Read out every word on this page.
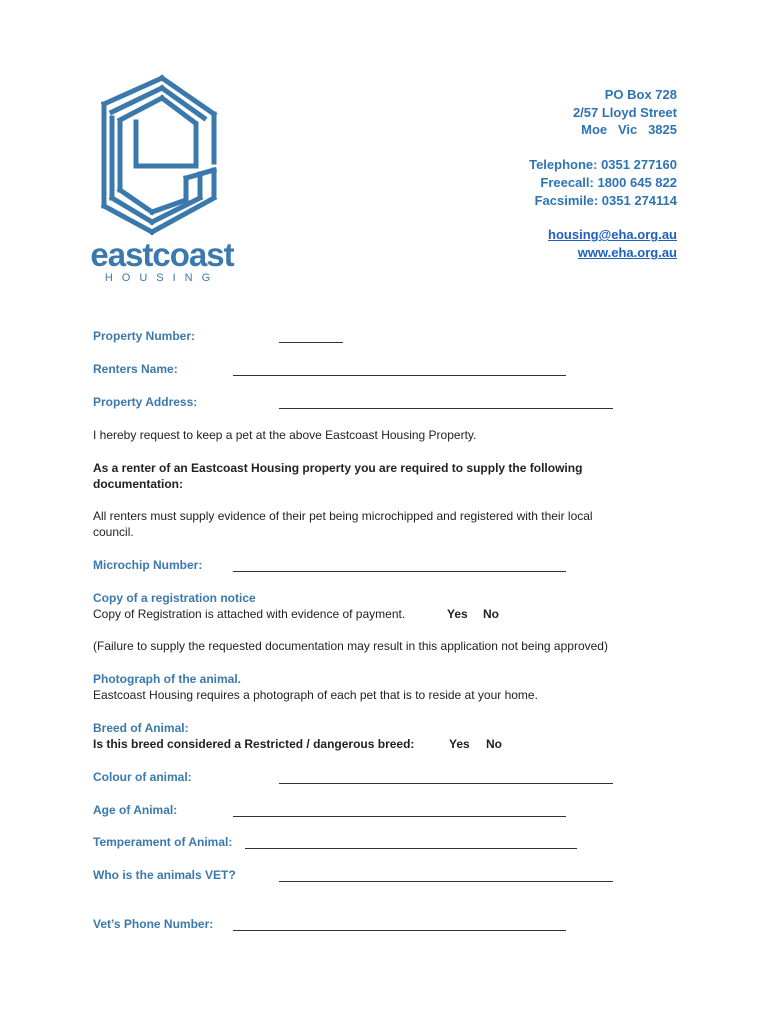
eastcoast
HOUSING
PO Box 728
2/57 Lloyd Street
Moe   Vic   3825
Telephone: 0351 277160
Freecall: 1800 645 822
Facsimile: 0351 274114
housing@eha.org.au
www.eha.org.au
Property Number:
Renters Name:
Property Address:
I hereby request to keep a pet at the above Eastcoast Housing Property.
As a renter of an Eastcoast Housing property you are required to supply the following
documentation:
All renters must supply evidence of their pet being microchipped and registered with their local
council.
Microchip Number:
Copy of a registration notice
Copy of Registration is attached with evidence of payment.	Yes No
(Failure to supply the requested documentation may result in this application not being approved)
Photograph of the animal.
Eastcoast Housing requires a photograph of each pet that is to reside at your home.
Breed of Animal:
Is this breed considered a Restricted / dangerous breed:	Yes No
Colour of animal:
Age of Animal:
Temperament of Animal:
Who is the animals VET?
Vet’s Phone Number:
